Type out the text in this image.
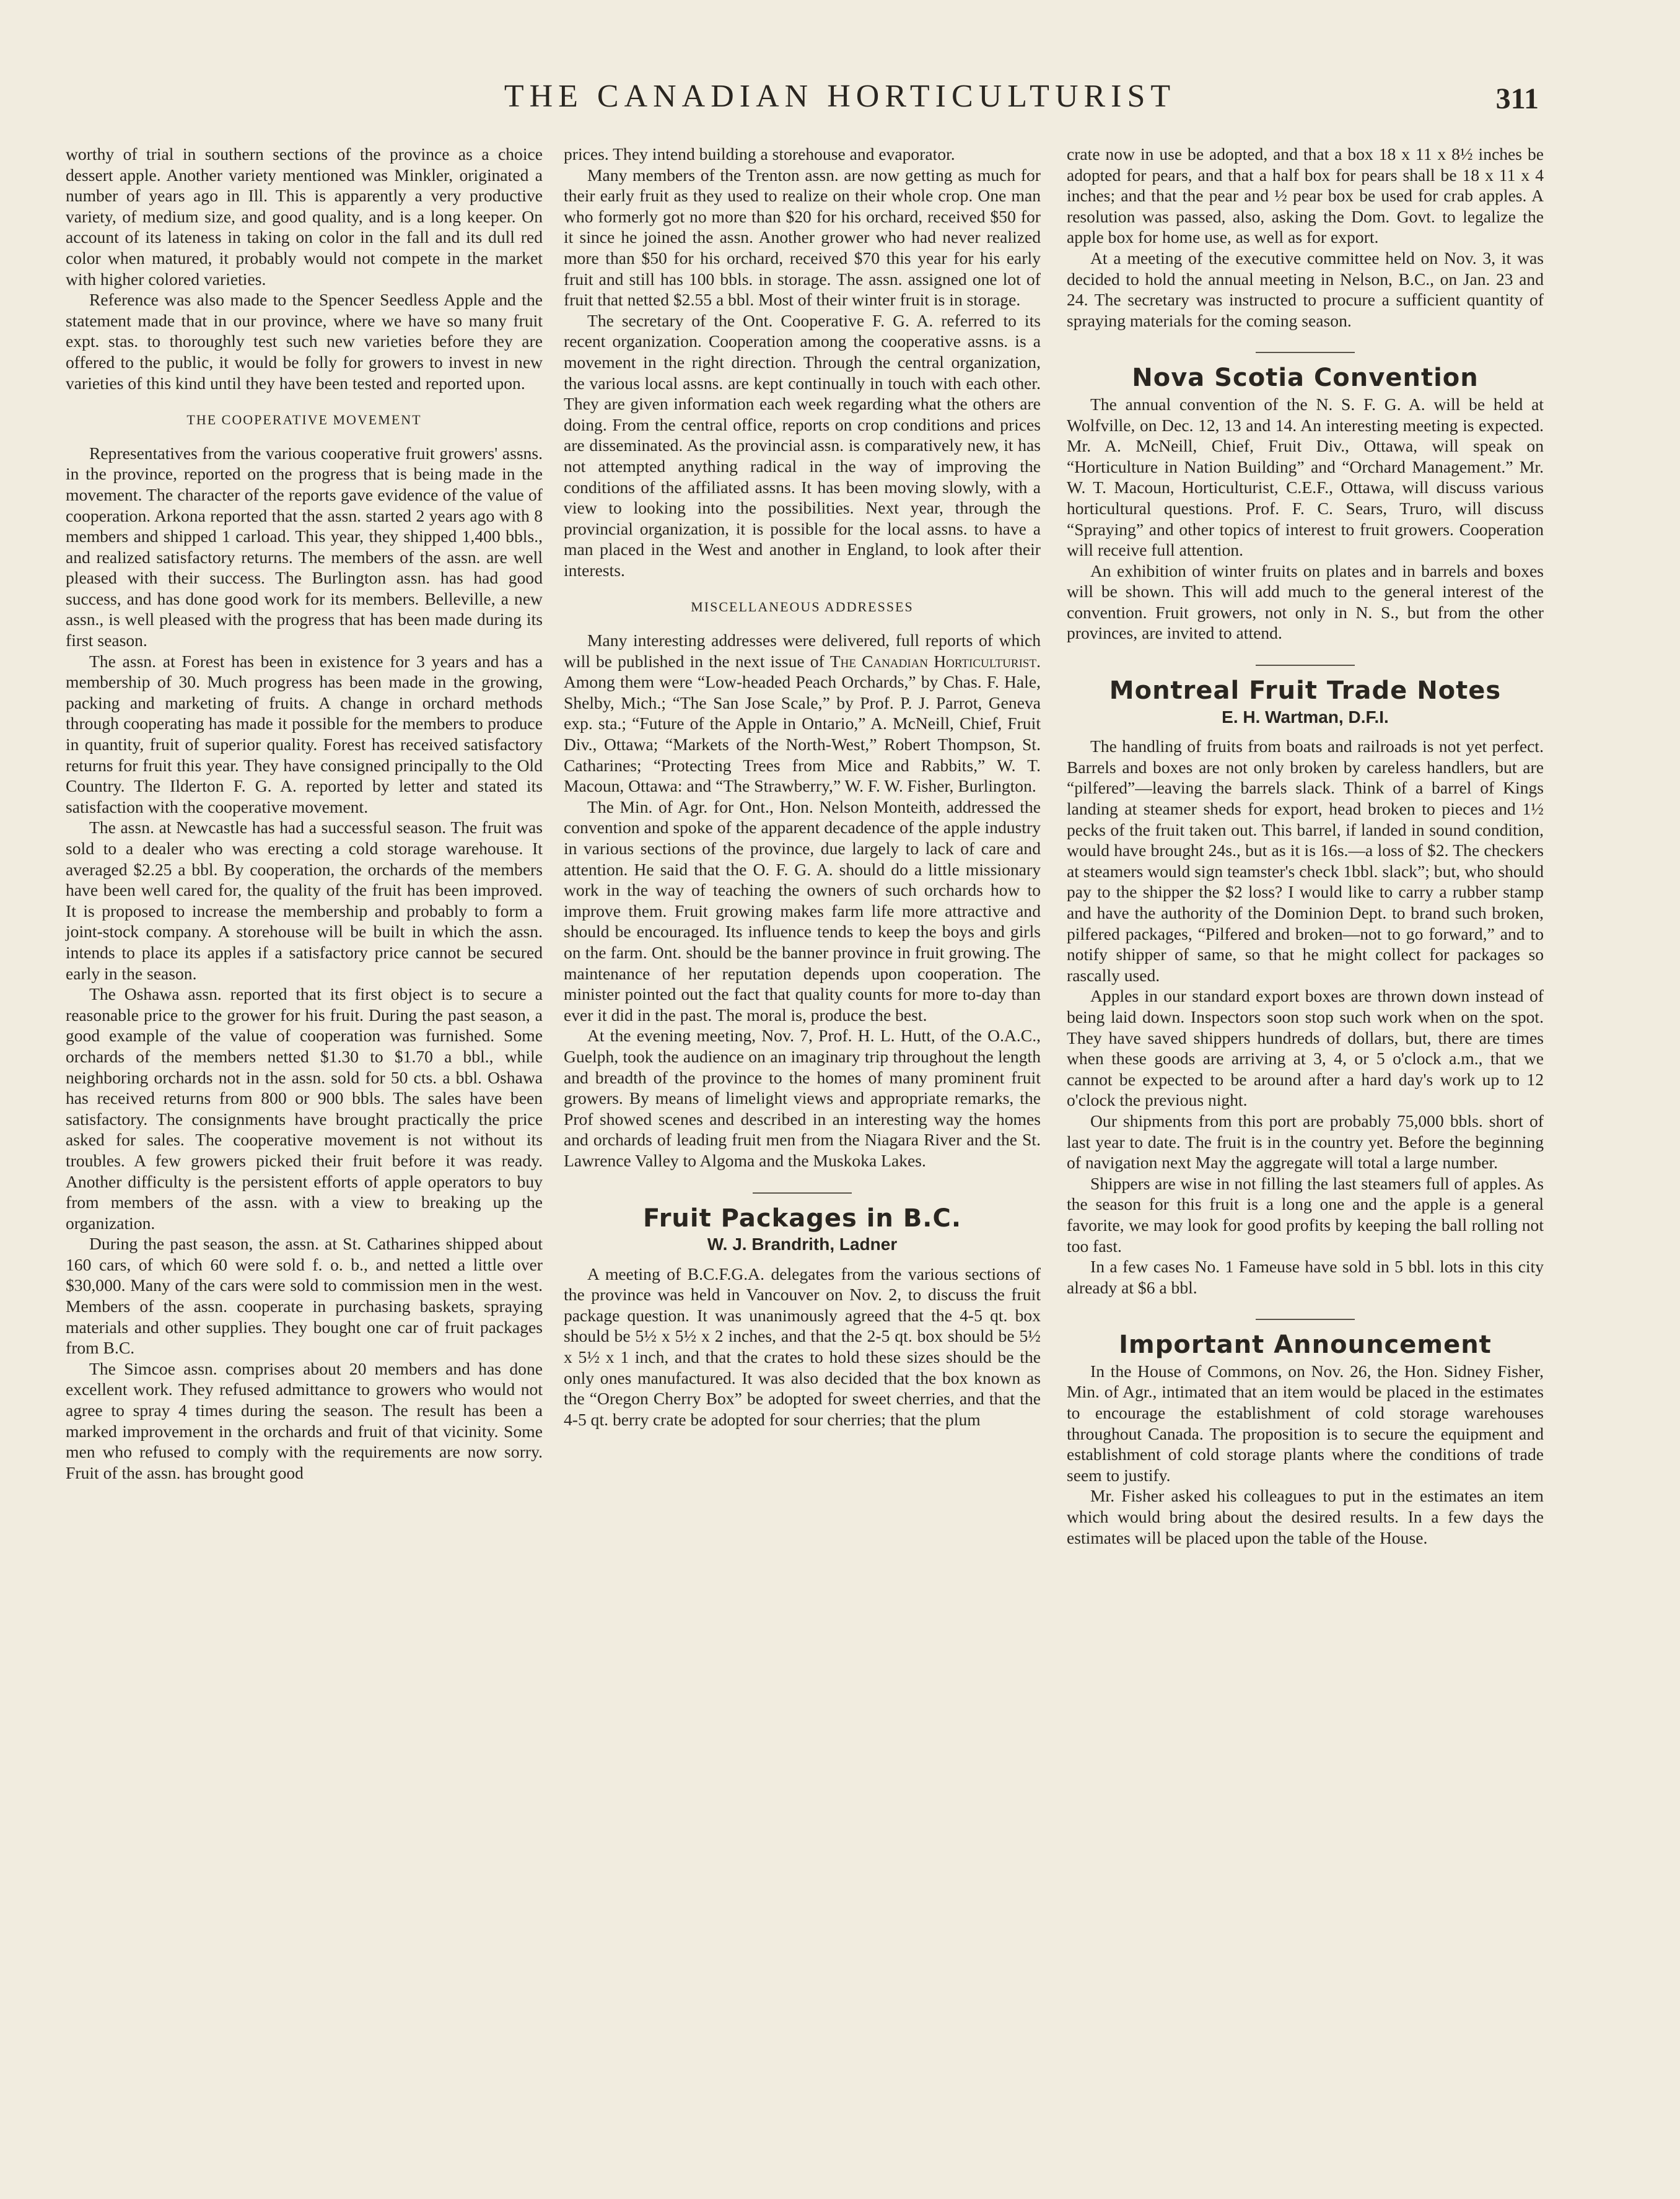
THE CANADIAN HORTICULTURIST	311

worthy of trial in southern sections of the province as a choice dessert apple. Another variety mentioned was Minkler, originated a number of years ago in Ill. This is apparently a very productive variety, of medium size, and good quality, and is a long keeper. On account of its lateness in taking on color in the fall and its dull red color when matured, it probably would not compete in the market with higher colored varieties.

Reference was also made to the Spencer Seedless Apple and the statement made that in our province, where we have so many fruit expt. stas. to thoroughly test such new varieties before they are offered to the public, it would be folly for growers to invest in new varieties of this kind until they have been tested and reported upon.

THE COOPERATIVE MOVEMENT

Representatives from the various cooperative fruit growers' assns. in the province, reported on the progress that is being made in the movement. The character of the reports gave evidence of the value of cooperation. Arkona reported that the assn. started 2 years ago with 8 members and shipped 1 carload. This year, they shipped 1,400 bbls., and realized satisfactory returns. The members of the assn. are well pleased with their success. The Burlington assn. has had good success, and has done good work for its members. Belleville, a new assn., is well pleased with the progress that has been made during its first season.

The assn. at Forest has been in existence for 3 years and has a membership of 30. Much progress has been made in the growing, packing and marketing of fruits. A change in orchard methods through cooperating has made it possible for the members to produce in quantity, fruit of superior quality. Forest has received satisfactory returns for fruit this year. They have consigned principally to the Old Country. The Ilderton F. G. A. reported by letter and stated its satisfaction with the cooperative movement.

The assn. at Newcastle has had a successful season. The fruit was sold to a dealer who was erecting a cold storage warehouse. It averaged $2.25 a bbl. By cooperation, the orchards of the members have been well cared for, the quality of the fruit has been improved. It is proposed to increase the membership and probably to form a joint-stock company. A storehouse will be built in which the assn. intends to place its apples if a satisfactory price cannot be secured early in the season.

The Oshawa assn. reported that its first object is to secure a reasonable price to the grower for his fruit. During the past season, a good example of the value of cooperation was furnished. Some orchards of the members netted $1.30 to $1.70 a bbl., while neighboring orchards not in the assn. sold for 50 cts. a bbl. Oshawa has received returns from 800 or 900 bbls. The sales have been satisfactory. The consignments have brought practically the price asked for sales. The cooperative movement is not without its troubles. A few growers picked their fruit before it was ready. Another difficulty is the persistent efforts of apple operators to buy from members of the assn. with a view to breaking up the organization.

During the past season, the assn. at St. Catharines shipped about 160 cars, of which 60 were sold f. o. b., and netted a little over $30,000. Many of the cars were sold to commission men in the west. Members of the assn. cooperate in purchasing baskets, spraying materials and other supplies. They bought one car of fruit packages from B.C.

The Simcoe assn. comprises about 20 members and has done excellent work. They refused admittance to growers who would not agree to spray 4 times during the season. The result has been a marked improvement in the orchards and fruit of that vicinity. Some men who refused to comply with the requirements are now sorry. Fruit of the assn. has brought good

prices. They intend building a storehouse and evaporator.

Many members of the Trenton assn. are now getting as much for their early fruit as they used to realize on their whole crop. One man who formerly got no more than $20 for his orchard, received $50 for it since he joined the assn. Another grower who had never realized more than $50 for his orchard, received $70 this year for his early fruit and still has 100 bbls. in storage. The assn. assigned one lot of fruit that netted $2.55 a bbl. Most of their winter fruit is in storage.

The secretary of the Ont. Cooperative F. G. A. referred to its recent organization. Cooperation among the cooperative assns. is a movement in the right direction. Through the central organization, the various local assns. are kept continually in touch with each other. They are given information each week regarding what the others are doing. From the central office, reports on crop conditions and prices are disseminated. As the provincial assn. is comparatively new, it has not attempted anything radical in the way of improving the conditions of the affiliated assns. It has been moving slowly, with a view to looking into the possibilities. Next year, through the provincial organization, it is possible for the local assns. to have a man placed in the West and another in England, to look after their interests.

MISCELLANEOUS ADDRESSES

Many interesting addresses were delivered, full reports of which will be published in the next issue of The Canadian Horticulturist. Among them were “Low-headed Peach Orchards,” by Chas. F. Hale, Shelby, Mich.; “The San Jose Scale,” by Prof. P. J. Parrot, Geneva exp. sta.; “Future of the Apple in Ontario,” A. McNeill, Chief, Fruit Div., Ottawa; “Markets of the North-West,” Robert Thompson, St. Catharines; “Protecting Trees from Mice and Rabbits,” W. T. Macoun, Ottawa: and “The Strawberry,” W. F. W. Fisher, Burlington.

The Min. of Agr. for Ont., Hon. Nelson Monteith, addressed the convention and spoke of the apparent decadence of the apple industry in various sections of the province, due largely to lack of care and attention. He said that the O. F. G. A. should do a little missionary work in the way of teaching the owners of such orchards how to improve them. Fruit growing makes farm life more attractive and should be encouraged. Its influence tends to keep the boys and girls on the farm. Ont. should be the banner province in fruit growing. The maintenance of her reputation depends upon cooperation. The minister pointed out the fact that quality counts for more to-day than ever it did in the past. The moral is, produce the best.

At the evening meeting, Nov. 7, Prof. H. L. Hutt, of the O.A.C., Guelph, took the audience on an imaginary trip throughout the length and breadth of the province to the homes of many prominent fruit growers. By means of limelight views and appropriate remarks, the Prof showed scenes and described in an interesting way the homes and orchards of leading fruit men from the Niagara River and the St. Lawrence Valley to Algoma and the Muskoka Lakes.

Fruit Packages in B.C.
W. J. Brandrith, Ladner

A meeting of B.C.F.G.A. delegates from the various sections of the province was held in Vancouver on Nov. 2, to discuss the fruit package question. It was unanimously agreed that the 4-5 qt. box should be 5½ x 5½ x 2 inches, and that the 2-5 qt. box should be 5½ x 5½ x 1 inch, and that the crates to hold these sizes should be the only ones manufactured. It was also decided that the box known as the “Oregon Cherry Box” be adopted for sweet cherries, and that the 4-5 qt. berry crate be adopted for sour cherries; that the plum

crate now in use be adopted, and that a box 18 x 11 x 8½ inches be adopted for pears, and that a half box for pears shall be 18 x 11 x 4 inches; and that the pear and ½ pear box be used for crab apples. A resolution was passed, also, asking the Dom. Govt. to legalize the apple box for home use, as well as for export.

At a meeting of the executive committee held on Nov. 3, it was decided to hold the annual meeting in Nelson, B.C., on Jan. 23 and 24. The secretary was instructed to procure a sufficient quantity of spraying materials for the coming season.

Nova Scotia Convention

The annual convention of the N. S. F. G. A. will be held at Wolfville, on Dec. 12, 13 and 14. An interesting meeting is expected. Mr. A. McNeill, Chief, Fruit Div., Ottawa, will speak on “Horticulture in Nation Building” and “Orchard Management.” Mr. W. T. Macoun, Horticulturist, C.E.F., Ottawa, will discuss various horticultural questions. Prof. F. C. Sears, Truro, will discuss “Spraying” and other topics of interest to fruit growers. Cooperation will receive full attention.

An exhibition of winter fruits on plates and in barrels and boxes will be shown. This will add much to the general interest of the convention. Fruit growers, not only in N. S., but from the other provinces, are invited to attend.

Montreal Fruit Trade Notes
E. H. Wartman, D.F.I.

The handling of fruits from boats and railroads is not yet perfect. Barrels and boxes are not only broken by careless handlers, but are “pilfered”—leaving the barrels slack. Think of a barrel of Kings landing at steamer sheds for export, head broken to pieces and 1½ pecks of the fruit taken out. This barrel, if landed in sound condition, would have brought 24s., but as it is 16s.—a loss of $2. The checkers at steamers would sign teamster's check 1bbl. slack”; but, who should pay to the shipper the $2 loss? I would like to carry a rubber stamp and have the authority of the Dominion Dept. to brand such broken, pilfered packages, “Pilfered and broken—not to go forward,” and to notify shipper of same, so that he might collect for packages so rascally used.

Apples in our standard export boxes are thrown down instead of being laid down. Inspectors soon stop such work when on the spot. They have saved shippers hundreds of dollars, but, there are times when these goods are arriving at 3, 4, or 5 o'clock a.m., that we cannot be expected to be around after a hard day's work up to 12 o'clock the previous night.

Our shipments from this port are probably 75,000 bbls. short of last year to date. The fruit is in the country yet. Before the beginning of navigation next May the aggregate will total a large number.

Shippers are wise in not filling the last steamers full of apples. As the season for this fruit is a long one and the apple is a general favorite, we may look for good profits by keeping the ball rolling not too fast.

In a few cases No. 1 Fameuse have sold in 5 bbl. lots in this city already at $6 a bbl.

Important Announcement

In the House of Commons, on Nov. 26, the Hon. Sidney Fisher, Min. of Agr., intimated that an item would be placed in the estimates to encourage the establishment of cold storage warehouses throughout Canada. The proposition is to secure the equipment and establishment of cold storage plants where the conditions of trade seem to justify.

Mr. Fisher asked his colleagues to put in the estimates an item which would bring about the desired results. In a few days the estimates will be placed upon the table of the House.
